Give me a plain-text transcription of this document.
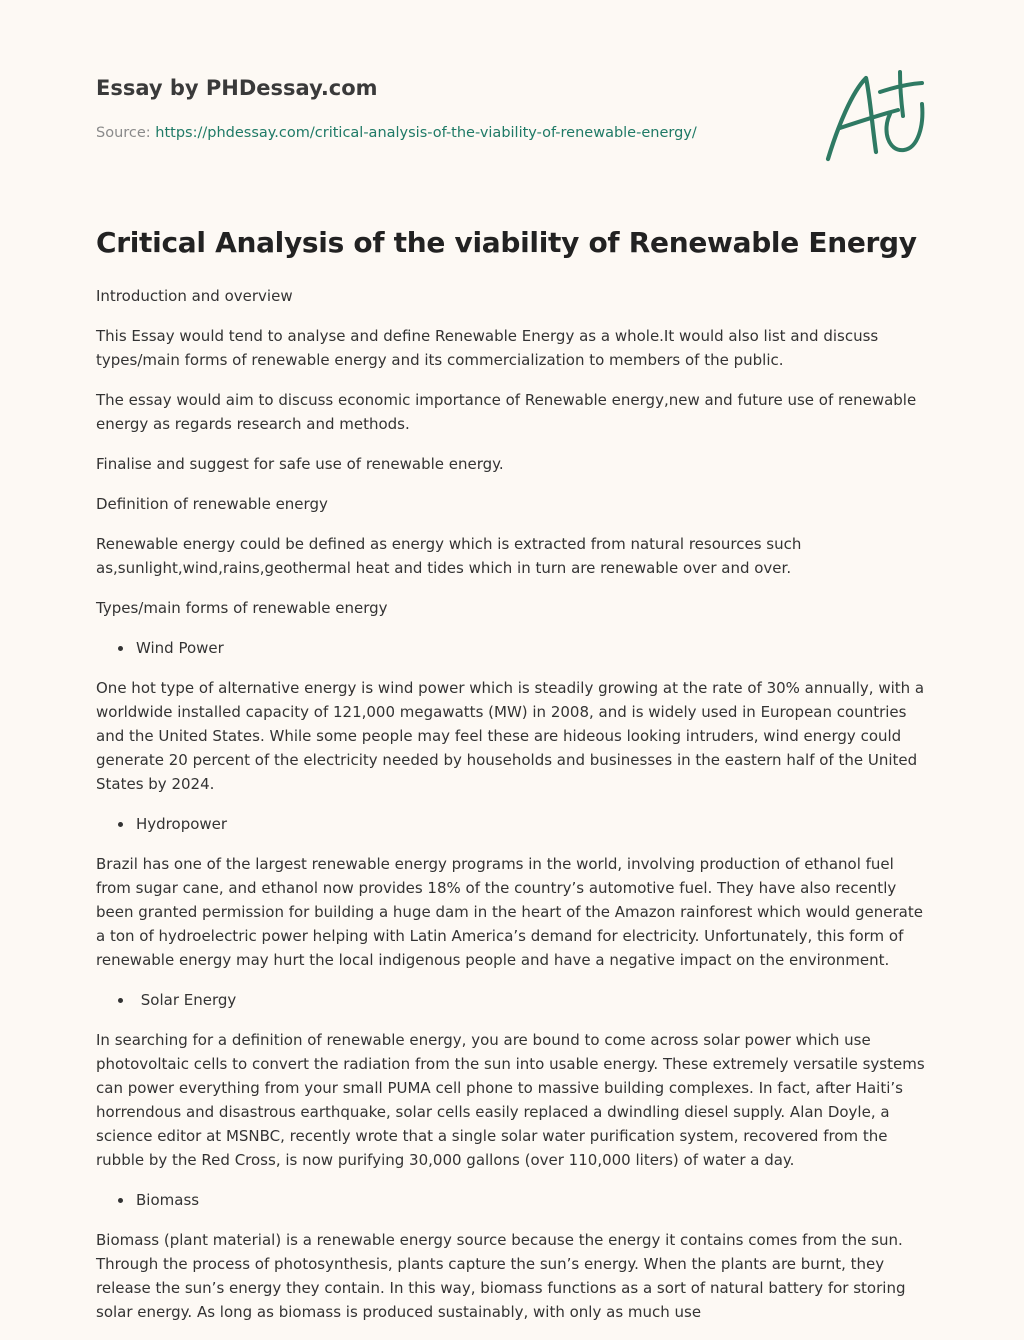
Essay by PHDessay.com
Source: https://phdessay.com/critical-analysis-of-the-viability-of-renewable-energy/
Critical Analysis of the viability of Renewable Energy

Introduction and overview

This Essay would tend to analyse and define Renewable Energy as a whole.It would also list and discuss types/main forms of renewable energy and its commercialization to members of the public.

The essay would aim to discuss economic importance of Renewable energy,new and future use of renewable energy as regards research and methods.

Finalise and suggest for safe use of renewable energy.

Definition of renewable energy

Renewable energy could be defined as energy which is extracted from natural resources such as,sunlight,wind,rains,geothermal heat and tides which in turn are renewable over and over.

Types/main forms of renewable energy

Wind Power

One hot type of alternative energy is wind power which is steadily growing at the rate of 30% annually, with a worldwide installed capacity of 121,000 megawatts (MW) in 2008, and is widely used in European countries and the United States. While some people may feel these are hideous looking intruders, wind energy could generate 20 percent of the electricity needed by households and businesses in the eastern half of the United States by 2024.

Hydropower

Brazil has one of the largest renewable energy programs in the world, involving production of ethanol fuel from sugar cane, and ethanol now provides 18% of the country’s automotive fuel. They have also recently been granted permission for building a huge dam in the heart of the Amazon rainforest which would generate a ton of hydroelectric power helping with Latin America’s demand for electricity. Unfortunately, this form of renewable energy may hurt the local indigenous people and have a negative impact on the environment.

Solar Energy

In searching for a definition of renewable energy, you are bound to come across solar power which use photovoltaic cells to convert the radiation from the sun into usable energy. These extremely versatile systems can power everything from your small PUMA cell phone to massive building complexes. In fact, after Haiti’s horrendous and disastrous earthquake, solar cells easily replaced a dwindling diesel supply. Alan Doyle, a science editor at MSNBC, recently wrote that a single solar water purification system, recovered from the rubble by the Red Cross, is now purifying 30,000 gallons (over 110,000 liters) of water a day.

Biomass

Biomass (plant material) is a renewable energy source because the energy it contains comes from the sun. Through the process of photosynthesis, plants capture the sun’s energy. When the plants are burnt, they release the sun’s energy they contain. In this way, biomass functions as a sort of natural battery for storing solar energy. As long as biomass is produced sustainably, with only as much use
